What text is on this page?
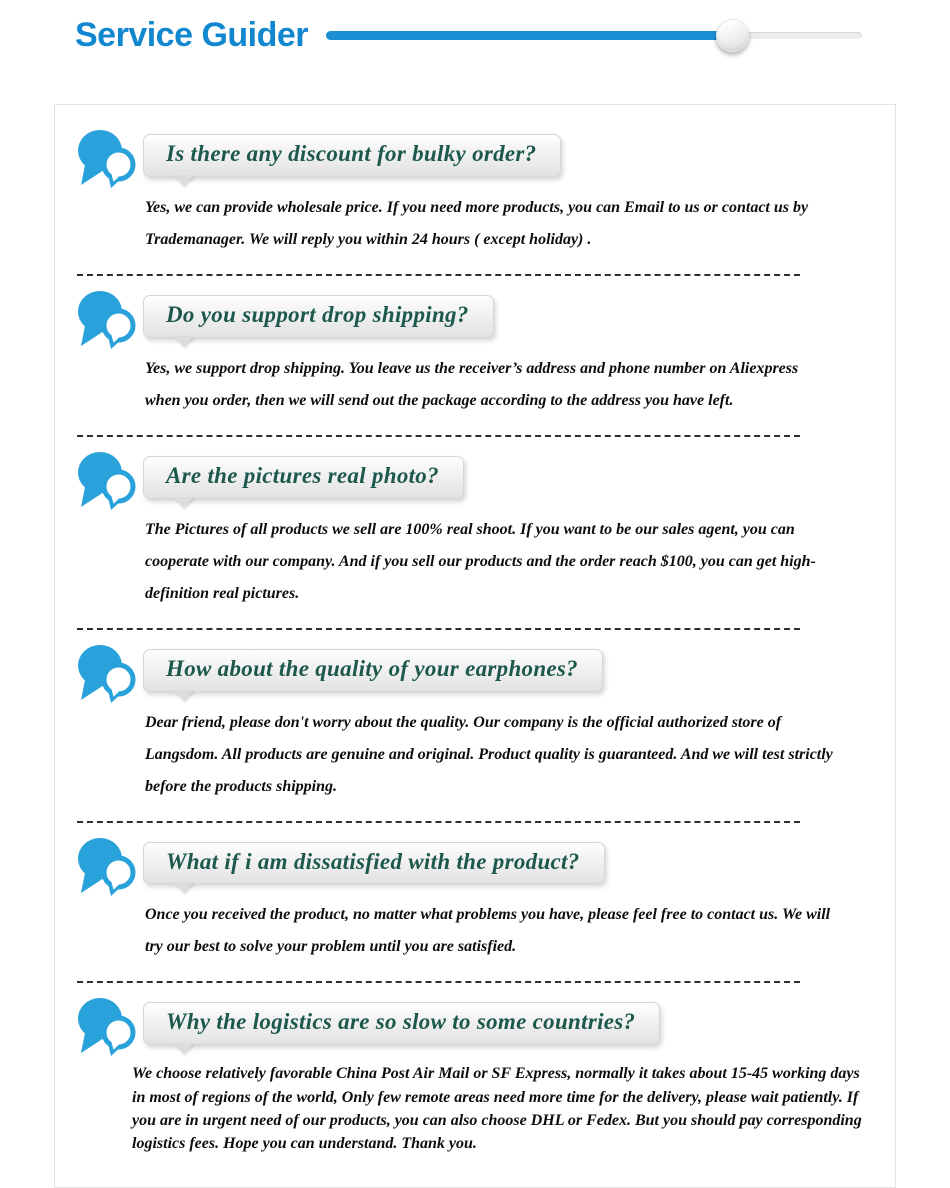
Service Guider
Is there any discount for bulky order?

Yes, we can provide wholesale price. If you need more products, you can Email to us or contact us by Trademanager. We will reply you within 24 hours ( except holiday) .

Do you support drop shipping?

Yes, we support drop shipping. You leave us the receiver’s address and phone number on Aliexpress when you order, then we will send out the package according to the address you have left.

Are the pictures real photo?

The Pictures of all products we sell are 100% real shoot. If you want to be our sales agent, you can cooperate with our company. And if you sell our products and the order reach $100, you can get high-definition real pictures.

How about the quality of your earphones?

Dear friend, please don't worry about the quality. Our company is the official authorized store of Langsdom. All products are genuine and original. Product quality is guaranteed. And we will test strictly before the products shipping.

What if i am dissatisfied with the product?

Once you received the product, no matter what problems you have, please feel free to contact us. We will try our best to solve your problem until you are satisfied.

Why the logistics are so slow to some countries?

We choose relatively favorable China Post Air Mail or SF Express, normally it takes about 15-45 working days in most of regions of the world, Only few remote areas need more time for the delivery, please wait patiently. If you are in urgent need of our products, you can also choose DHL or Fedex. But you should pay corresponding logistics fees. Hope you can understand. Thank you.
